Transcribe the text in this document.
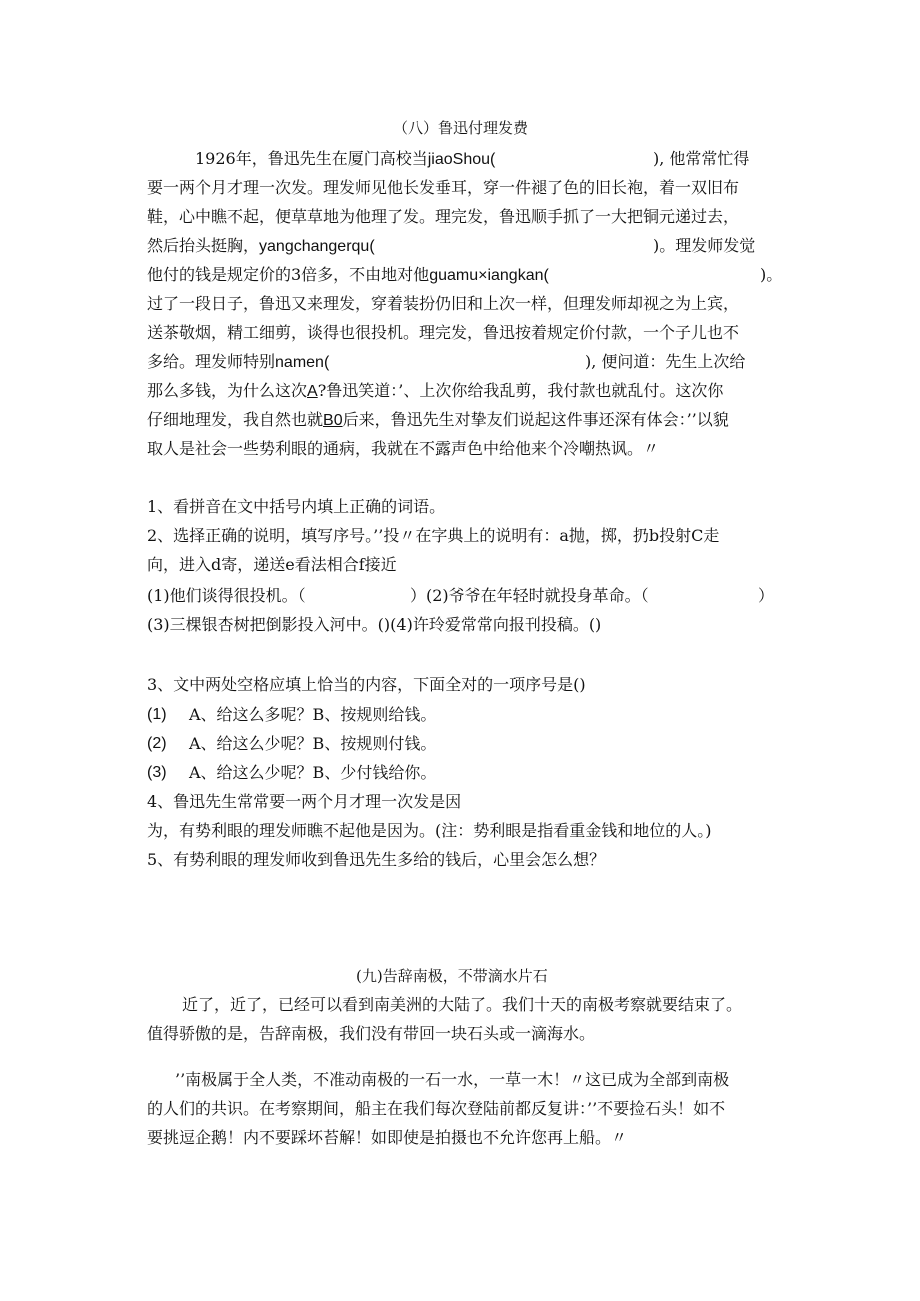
（八）鲁迅付理发费
1926年，鲁迅先生在厦门高校当jiaoShou(	), 他常常忙得
要一两个月才理一次发。理发师见他长发垂耳，穿一件褪了色的旧长袍，着一双旧布
鞋，心中瞧不起，便草草地为他理了发。理完发，鲁迅顺手抓了一大把铜元递过去，
然后抬头挺胸，yangchangerqu(	)。理发师发觉
他付的钱是规定价的3倍多，不由地对他guamu×iangkan(	)。
过了一段日子，鲁迅又来理发，穿着装扮仍旧和上次一样，但理发师却视之为上宾，
送茶敬烟，精工细剪，谈得也很投机。理完发，鲁迅按着规定价付款，一个子儿也不
多给。理发师特别namen(	), 便问道：先生上次给
那么多钱，为什么这次A?鲁迅笑道：’、上次你给我乱剪，我付款也就乱付。这次你
仔细地理发，我自然也就B0后来，鲁迅先生对挚友们说起这件事还深有体会：’’以貌
取人是社会一些势利眼的通病，我就在不露声色中给他来个冷嘲热讽。〃
1、看拼音在文中括号内填上正确的词语。
2、选择正确的说明，填写序号。’’投〃在字典上的说明有：a抛，掷，扔b投射C走
向，进入d寄，递送e看法相合f接近
(1)他们谈得很投机。（	）(2)爷爷在年轻时就投身革命。（	）
(3)三棵银杏树把倒影投入河中。()(4)许玲爱常常向报刊投稿。()
3、文中两处空格应填上恰当的内容，下面全对的一项序号是()
(1) A、给这么多呢？B、按规则给钱。
(2) A、给这么少呢？B、按规则付钱。
(3) A、给这么少呢？B、少付钱给你。
4、鲁迅先生常常要一两个月才理一次发是因
为，有势利眼的理发师瞧不起他是因为。(注：势利眼是指看重金钱和地位的人。)
5、有势利眼的理发师收到鲁迅先生多给的钱后，心里会怎么想？
(九)告辞南极，不带滴水片石
近了，近了，已经可以看到南美洲的大陆了。我们十天的南极考察就要结束了。
值得骄傲的是，告辞南极，我们没有带回一块石头或一滴海水。
’’南极属于全人类，不准动南极的一石一水，一草一木！〃这已成为全部到南极
的人们的共识。在考察期间，船主在我们每次登陆前都反复讲：’’不要捡石头！如不
要挑逗企鹅！内不要踩坏苔解！如即使是拍摄也不允许您再上船。〃
